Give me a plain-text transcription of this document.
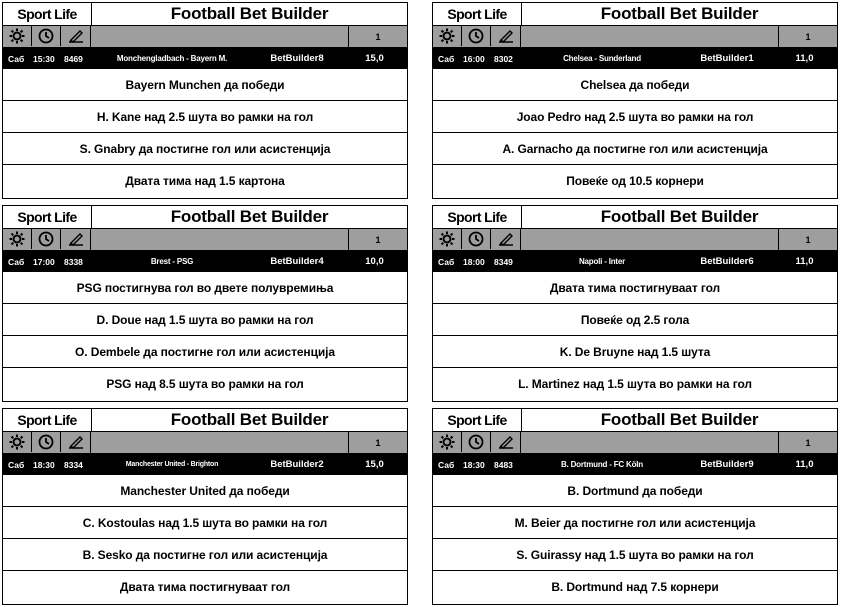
Sport Life	Football Bet Builder
1
Саб	15:30	8469	Monchengladbach - Bayern M.	BetBuilder8	15,0
Bayern Munchen да победи
H. Kane над 2.5 шута во рамки на гол
S. Gnabry да постигне гол или асистенција
Двата тима над 1.5 картона
Sport Life	Football Bet Builder
1
Саб	16:00	8302	Chelsea - Sunderland	BetBuilder1	11,0
Chelsea да победи
Joao Pedro над 2.5 шута во рамки на гол
A. Garnacho да постигне гол или асистенција
Повеќе од 10.5 корнери
Sport Life	Football Bet Builder
1
Саб	17:00	8338	Brest - PSG	BetBuilder4	10,0
PSG постигнува гол во двете полувремиња
D. Doue над 1.5 шута во рамки на гол
O. Dembele да постигне гол или асистенција
PSG над 8.5 шута во рамки на гол
Sport Life	Football Bet Builder
1
Саб	18:00	8349	Napoli - Inter	BetBuilder6	11,0
Двата тима постигнуваат гол
Повеќе од 2.5 гола
K. De Bruyne над 1.5 шута
L. Martinez над 1.5 шута во рамки на гол
Sport Life	Football Bet Builder
1
Саб	18:30	8334	Manchester United - Brighton	BetBuilder2	15,0
Manchester United да победи
C. Kostoulas над 1.5 шута во рамки на гол
B. Sesko да постигне гол или асистенција
Двата тима постигнуваат гол
Sport Life	Football Bet Builder
1
Саб	18:30	8483	B. Dortmund - FC Köln	BetBuilder9	11,0
B. Dortmund да победи
M. Beier да постигне гол или асистенција
S. Guirassy над 1.5 шута во рамки на гол
B. Dortmund над 7.5 корнери
